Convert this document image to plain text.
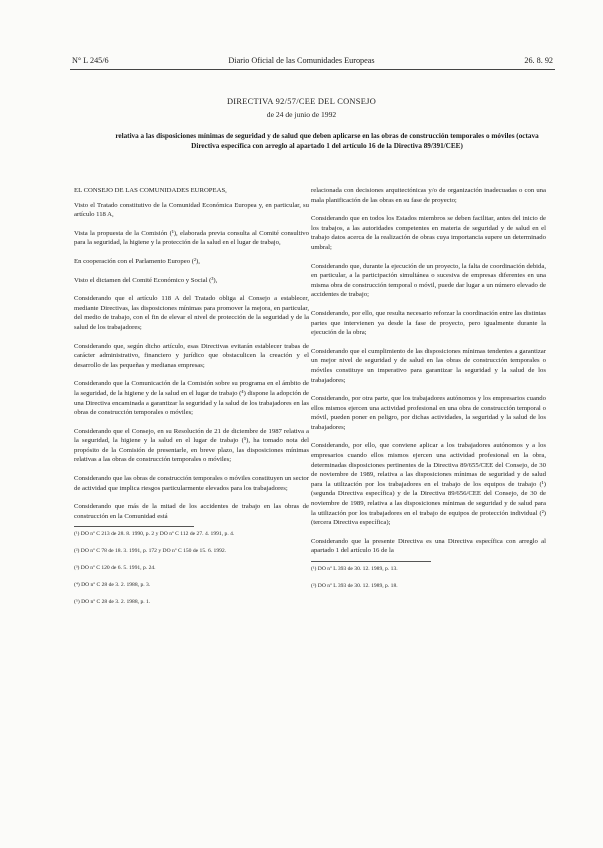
N° L 245/6	Diario Oficial de las Comunidades Europeas	26. 8. 92
DIRECTIVA 92/57/CEE DEL CONSEJO
de 24 de junio de 1992
relativa a las disposiciones mínimas de seguridad y de salud que deben aplicarse en las obras de construcción temporales o móviles (octava Directiva específica con arreglo al apartado 1 del artículo 16 de la Directiva 89/391/CEE)

EL CONSEJO DE LAS COMUNIDADES EUROPEAS,

Visto el Tratado constitutivo de la Comunidad Económica Europea y, en particular, su artículo 118 A,

Vista la propuesta de la Comisión (¹), elaborada previa consulta al Comité consultivo para la seguridad, la higiene y la protección de la salud en el lugar de trabajo,

En cooperación con el Parlamento Europeo (²),

Visto el dictamen del Comité Económico y Social (³),

Considerando que el artículo 118 A del Tratado obliga al Consejo a establecer, mediante Directivas, las disposiciones mínimas para promover la mejora, en particular, del medio de trabajo, con el fin de elevar el nivel de protección de la seguridad y de la salud de los trabajadores;

Considerando que, según dicho artículo, esas Directivas evitarán establecer trabas de carácter administrativo, financiero y jurídico que obstaculicen la creación y el desarrollo de las pequeñas y medianas empresas;

Considerando que la Comunicación de la Comisión sobre su programa en el ámbito de la seguridad, de la higiene y de la salud en el lugar de trabajo (⁴) dispone la adopción de una Directiva encaminada a garantizar la seguridad y la salud de los trabajadores en las obras de construcción temporales o móviles;

Considerando que el Consejo, en su Resolución de 21 de diciembre de 1987 relativa a la seguridad, la higiene y la salud en el lugar de trabajo (⁵), ha tomado nota del propósito de la Comisión de presentarle, en breve plazo, las disposiciones mínimas relativas a las obras de construcción temporales o móviles;

Considerando que las obras de construcción temporales o móviles constituyen un sector de actividad que implica riesgos particularmente elevados para los trabajadores;

Considerando que más de la mitad de los accidentes de trabajo en las obras de construcción en la Comunidad está

(¹) DO nº C 213 de 28. 8. 1990, p. 2 y DO nº C 112 de 27. 4. 1991, p. 4.

(²) DO nº C 78 de 18. 3. 1991, p. 172 y DO nº C 150 de 15. 6. 1992.

(³) DO nº C 120 de 6. 5. 1991, p. 24.

(⁴) DO nº C 28 de 3. 2. 1988, p. 3.

(⁵) DO nº C 28 de 3. 2. 1988, p. 1.

relacionada con decisiones arquitectónicas y/o de organización inadecuadas o con una mala planificación de las obras en su fase de proyecto;

Considerando que en todos los Estados miembros se deben facilitar, antes del inicio de los trabajos, a las autoridades competentes en materia de seguridad y de salud en el trabajo datos acerca de la realización de obras cuya importancia supere un determinado umbral;

Considerando que, durante la ejecución de un proyecto, la falta de coordinación debida, en particular, a la participación simultánea o sucesiva de empresas diferentes en una misma obra de construcción temporal o móvil, puede dar lugar a un número elevado de accidentes de trabajo;

Considerando, por ello, que resulta necesario reforzar la coordinación entre las distintas partes que intervienen ya desde la fase de proyecto, pero igualmente durante la ejecución de la obra;

Considerando que el cumplimiento de las disposiciones mínimas tendentes a garantizar un mejor nivel de seguridad y de salud en las obras de construcción temporales o móviles constituye un imperativo para garantizar la seguridad y la salud de los trabajadores;

Considerando, por otra parte, que los trabajadores autónomos y los empresarios cuando ellos mismos ejercen una actividad profesional en una obra de construcción temporal o móvil, pueden poner en peligro, por dichas actividades, la seguridad y la salud de los trabajadores;

Considerando, por ello, que conviene aplicar a los trabajadores autónomos y a los empresarios cuando ellos mismos ejercen una actividad profesional en la obra, determinadas disposiciones pertinentes de la Directiva 89/655/CEE del Consejo, de 30 de noviembre de 1989, relativa a las disposiciones mínimas de seguridad y de salud para la utilización por los trabajadores en el trabajo de los equipos de trabajo (¹) (segunda Directiva específica) y de la Directiva 89/656/CEE del Consejo, de 30 de noviembre de 1989, relativa a las disposiciones mínimas de seguridad y de salud para la utilización por los trabajadores en el trabajo de equipos de protección individual (²) (tercera Directiva específica);

Considerando que la presente Directiva es una Directiva específica con arreglo al apartado 1 del artículo 16 de la

(¹) DO nº L 393 de 30. 12. 1989, p. 13.

(²) DO nº L 393 de 30. 12. 1989, p. 18.
